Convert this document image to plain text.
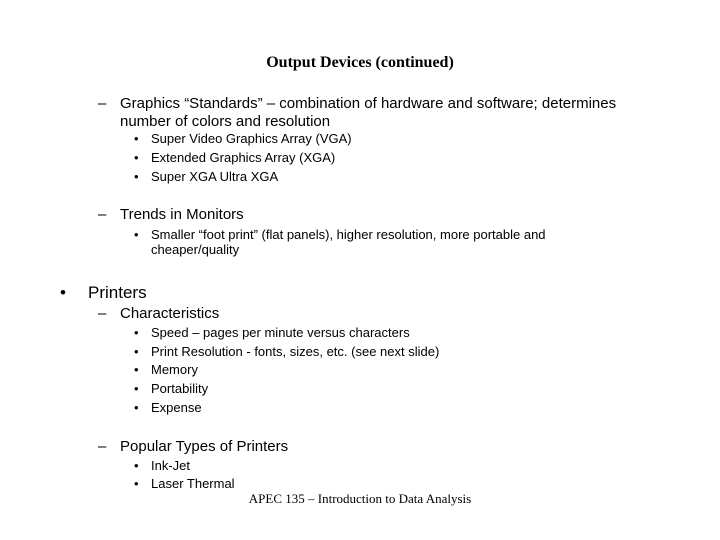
Output Devices (continued)
– Graphics “Standards” – combination of hardware and software; determines
number of colors and resolution
• Super Video Graphics Array (VGA)
• Extended Graphics Array (XGA)
• Super XGA Ultra XGA
– Trends in Monitors
• Smaller “foot print” (flat panels), higher resolution, more portable and
cheaper/quality
• Printers
– Characteristics
• Speed – pages per minute versus characters
• Print Resolution - fonts, sizes, etc. (see next slide)
• Memory
• Portability
• Expense
– Popular Types of Printers
• Ink-Jet
• Laser Thermal
APEC 135 – Introduction to Data Analysis
